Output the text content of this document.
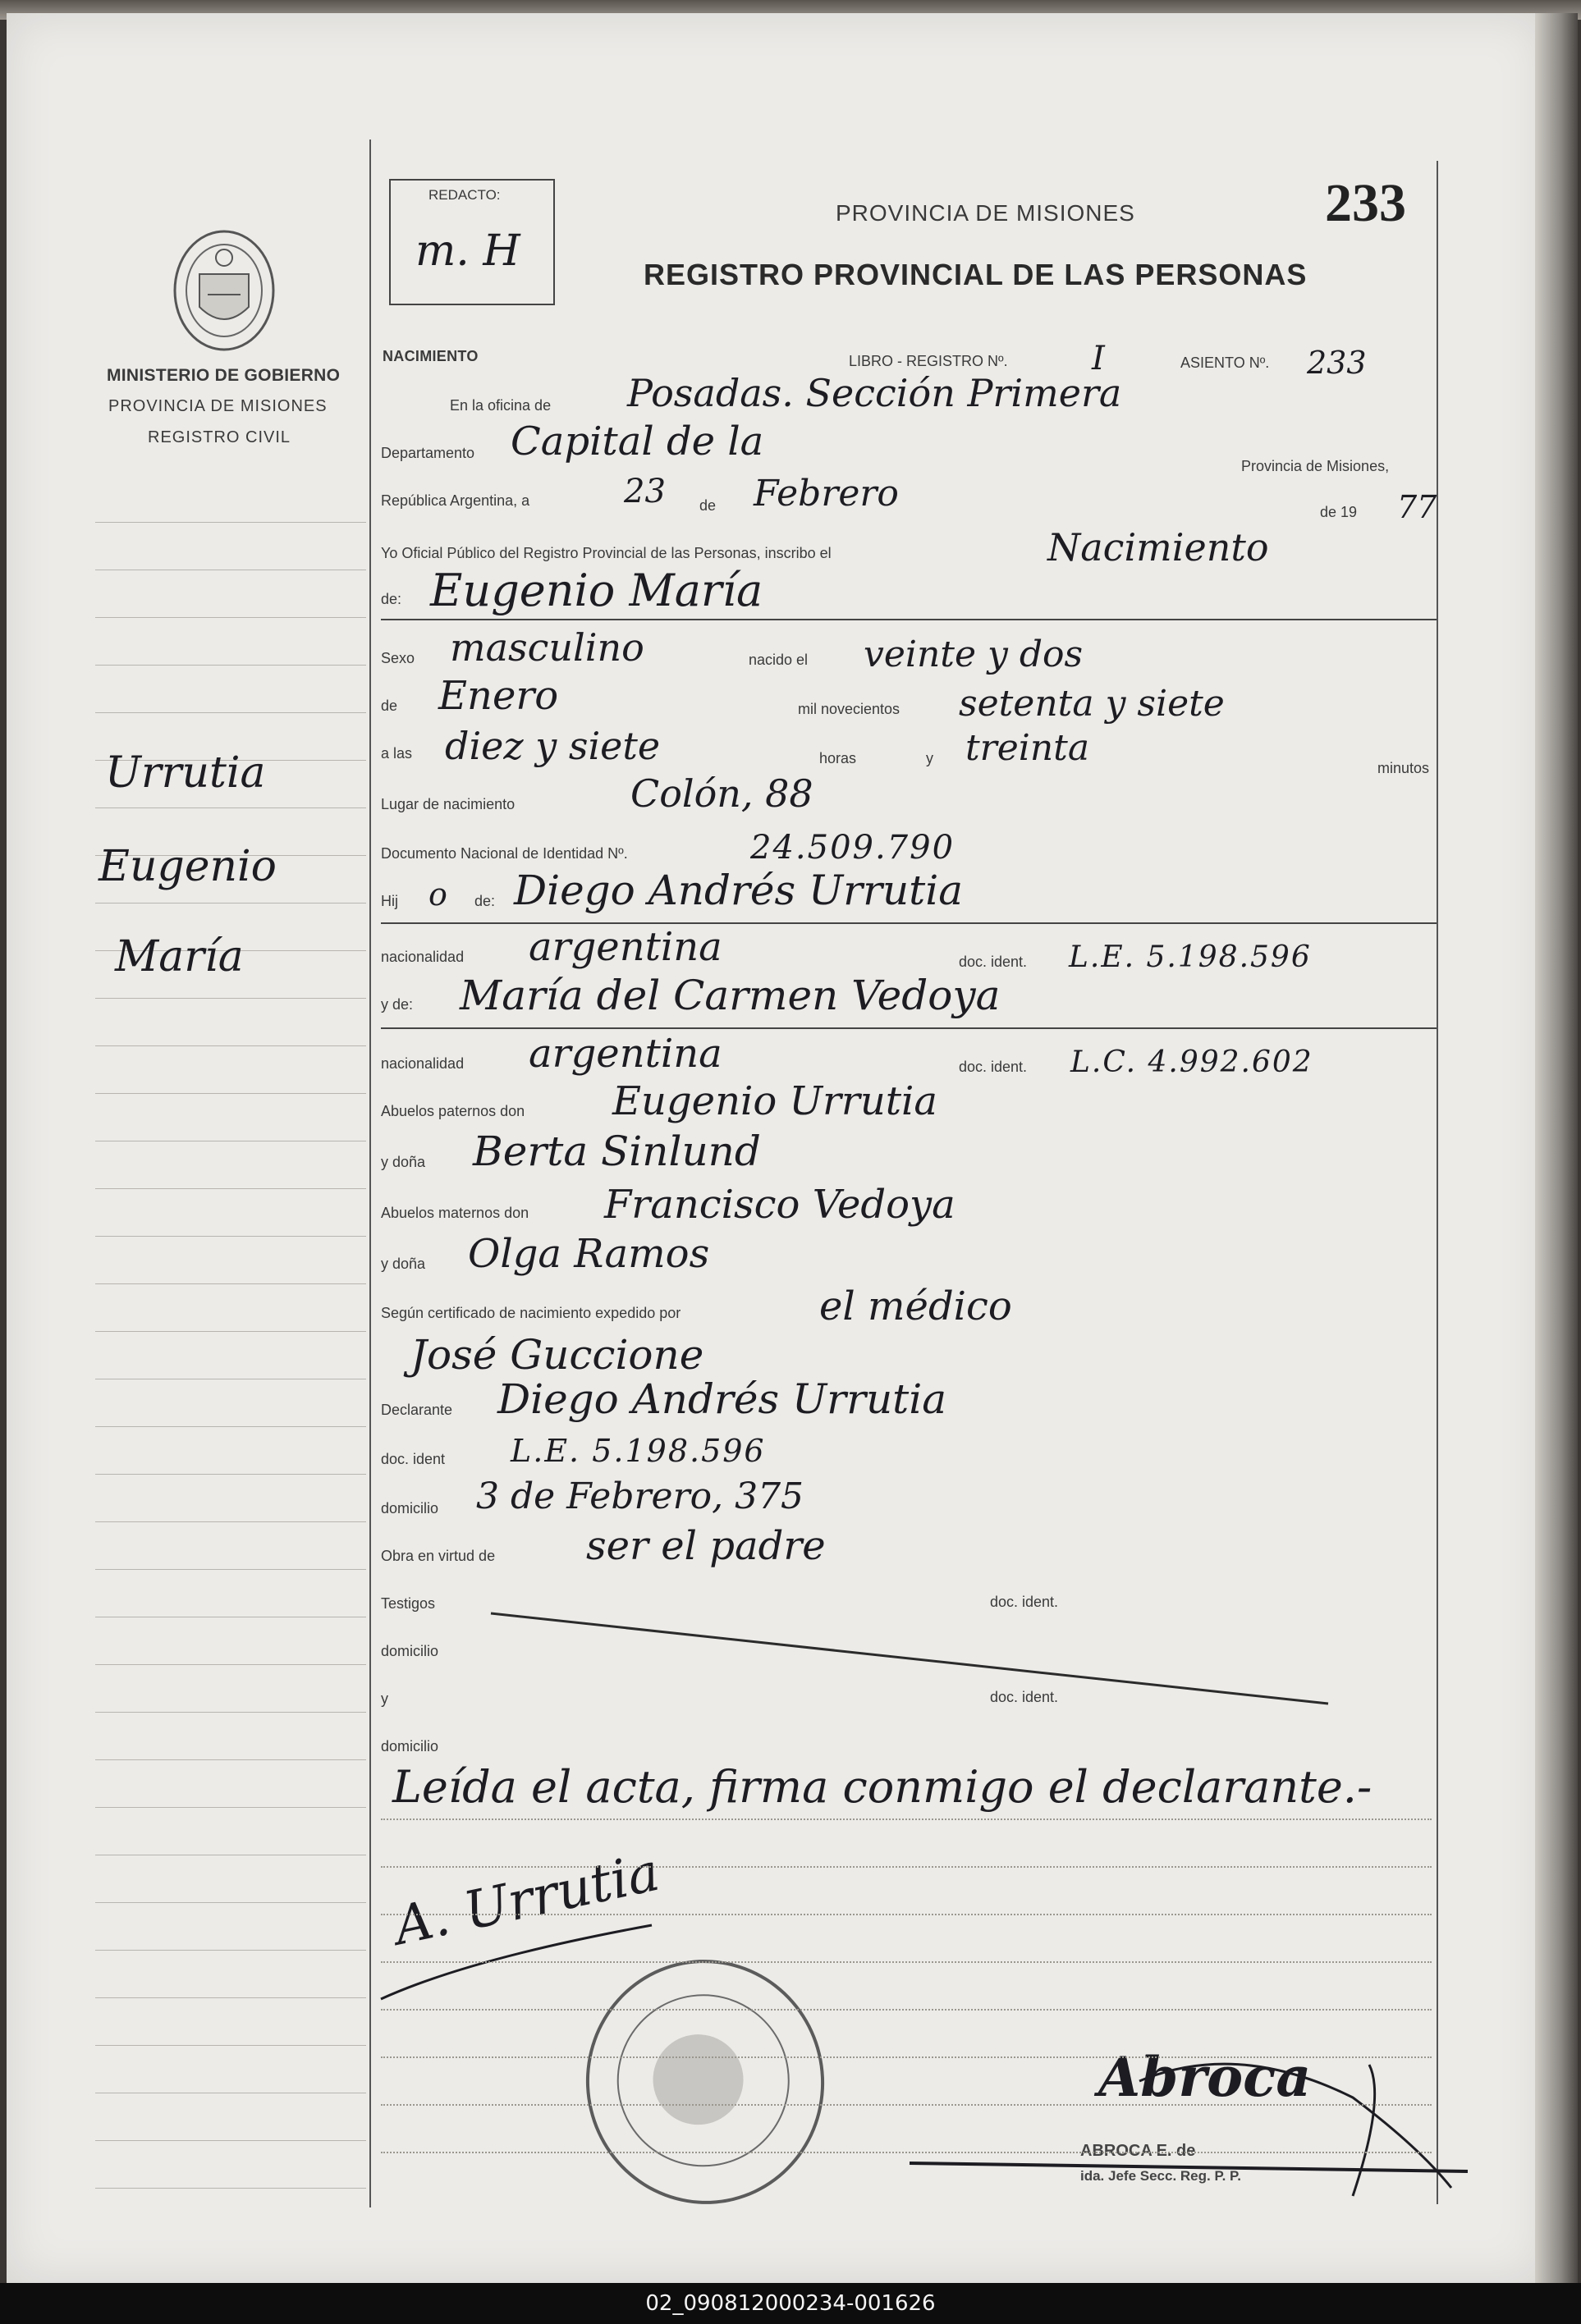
MINISTERIO DE GOBIERNO
PROVINCIA DE MISIONES
REGISTRO CIVIL
Urrutia
Eugenio
María
REDACTO:
m. H
PROVINCIA DE MISIONES	233
REGISTRO PROVINCIAL DE LAS PERSONAS
NACIMIENTO	LIBRO - REGISTRO Nº.	I	ASIENTO Nº. 233
En la oficina de Posadas. Sección Primera
Departamento Capital de la
Provincia de Misiones,
República Argentina, a	23 de Febrero	de 19 77
Yo Oficial Público del Registro Provincial de las Personas, inscribo el	Nacimiento
de: Eugenio María
Sexo masculino	nacido el veinte y dos
de Enero	mil novecientos setenta y siete
a las diez y siete	horas	y treinta	minutos
Lugar de nacimiento	Colón, 88
Documento Nacional de Identidad Nº.	24.509.790
Hij o de: Diego Andrés Urrutia
nacionalidad argentina	doc. ident. L.E. 5.198.596
y de: María del Carmen Vedoya
nacionalidad argentina	doc. ident. L.C. 4.992.602
Abuelos paternos don Eugenio Urrutia
y doña Berta Sinlund
Abuelos maternos don Francisco Vedoya
y doña Olga Ramos
Según certificado de nacimiento expedido por	el médico
José Guccione
Declarante Diego Andrés Urrutia
doc. ident L.E. 5.198.596
domicilio 3 de Febrero, 375
Obra en virtud de ser el padre
Testigos	doc. ident.
domicilio
y	doc. ident.
domicilio
Leída el acta, firma conmigo el declarante.-
A. Urrutia
Abroca
ABROCA E. de
ida. Jefe Secc. Reg. P. P.
02_090812000234-001626
